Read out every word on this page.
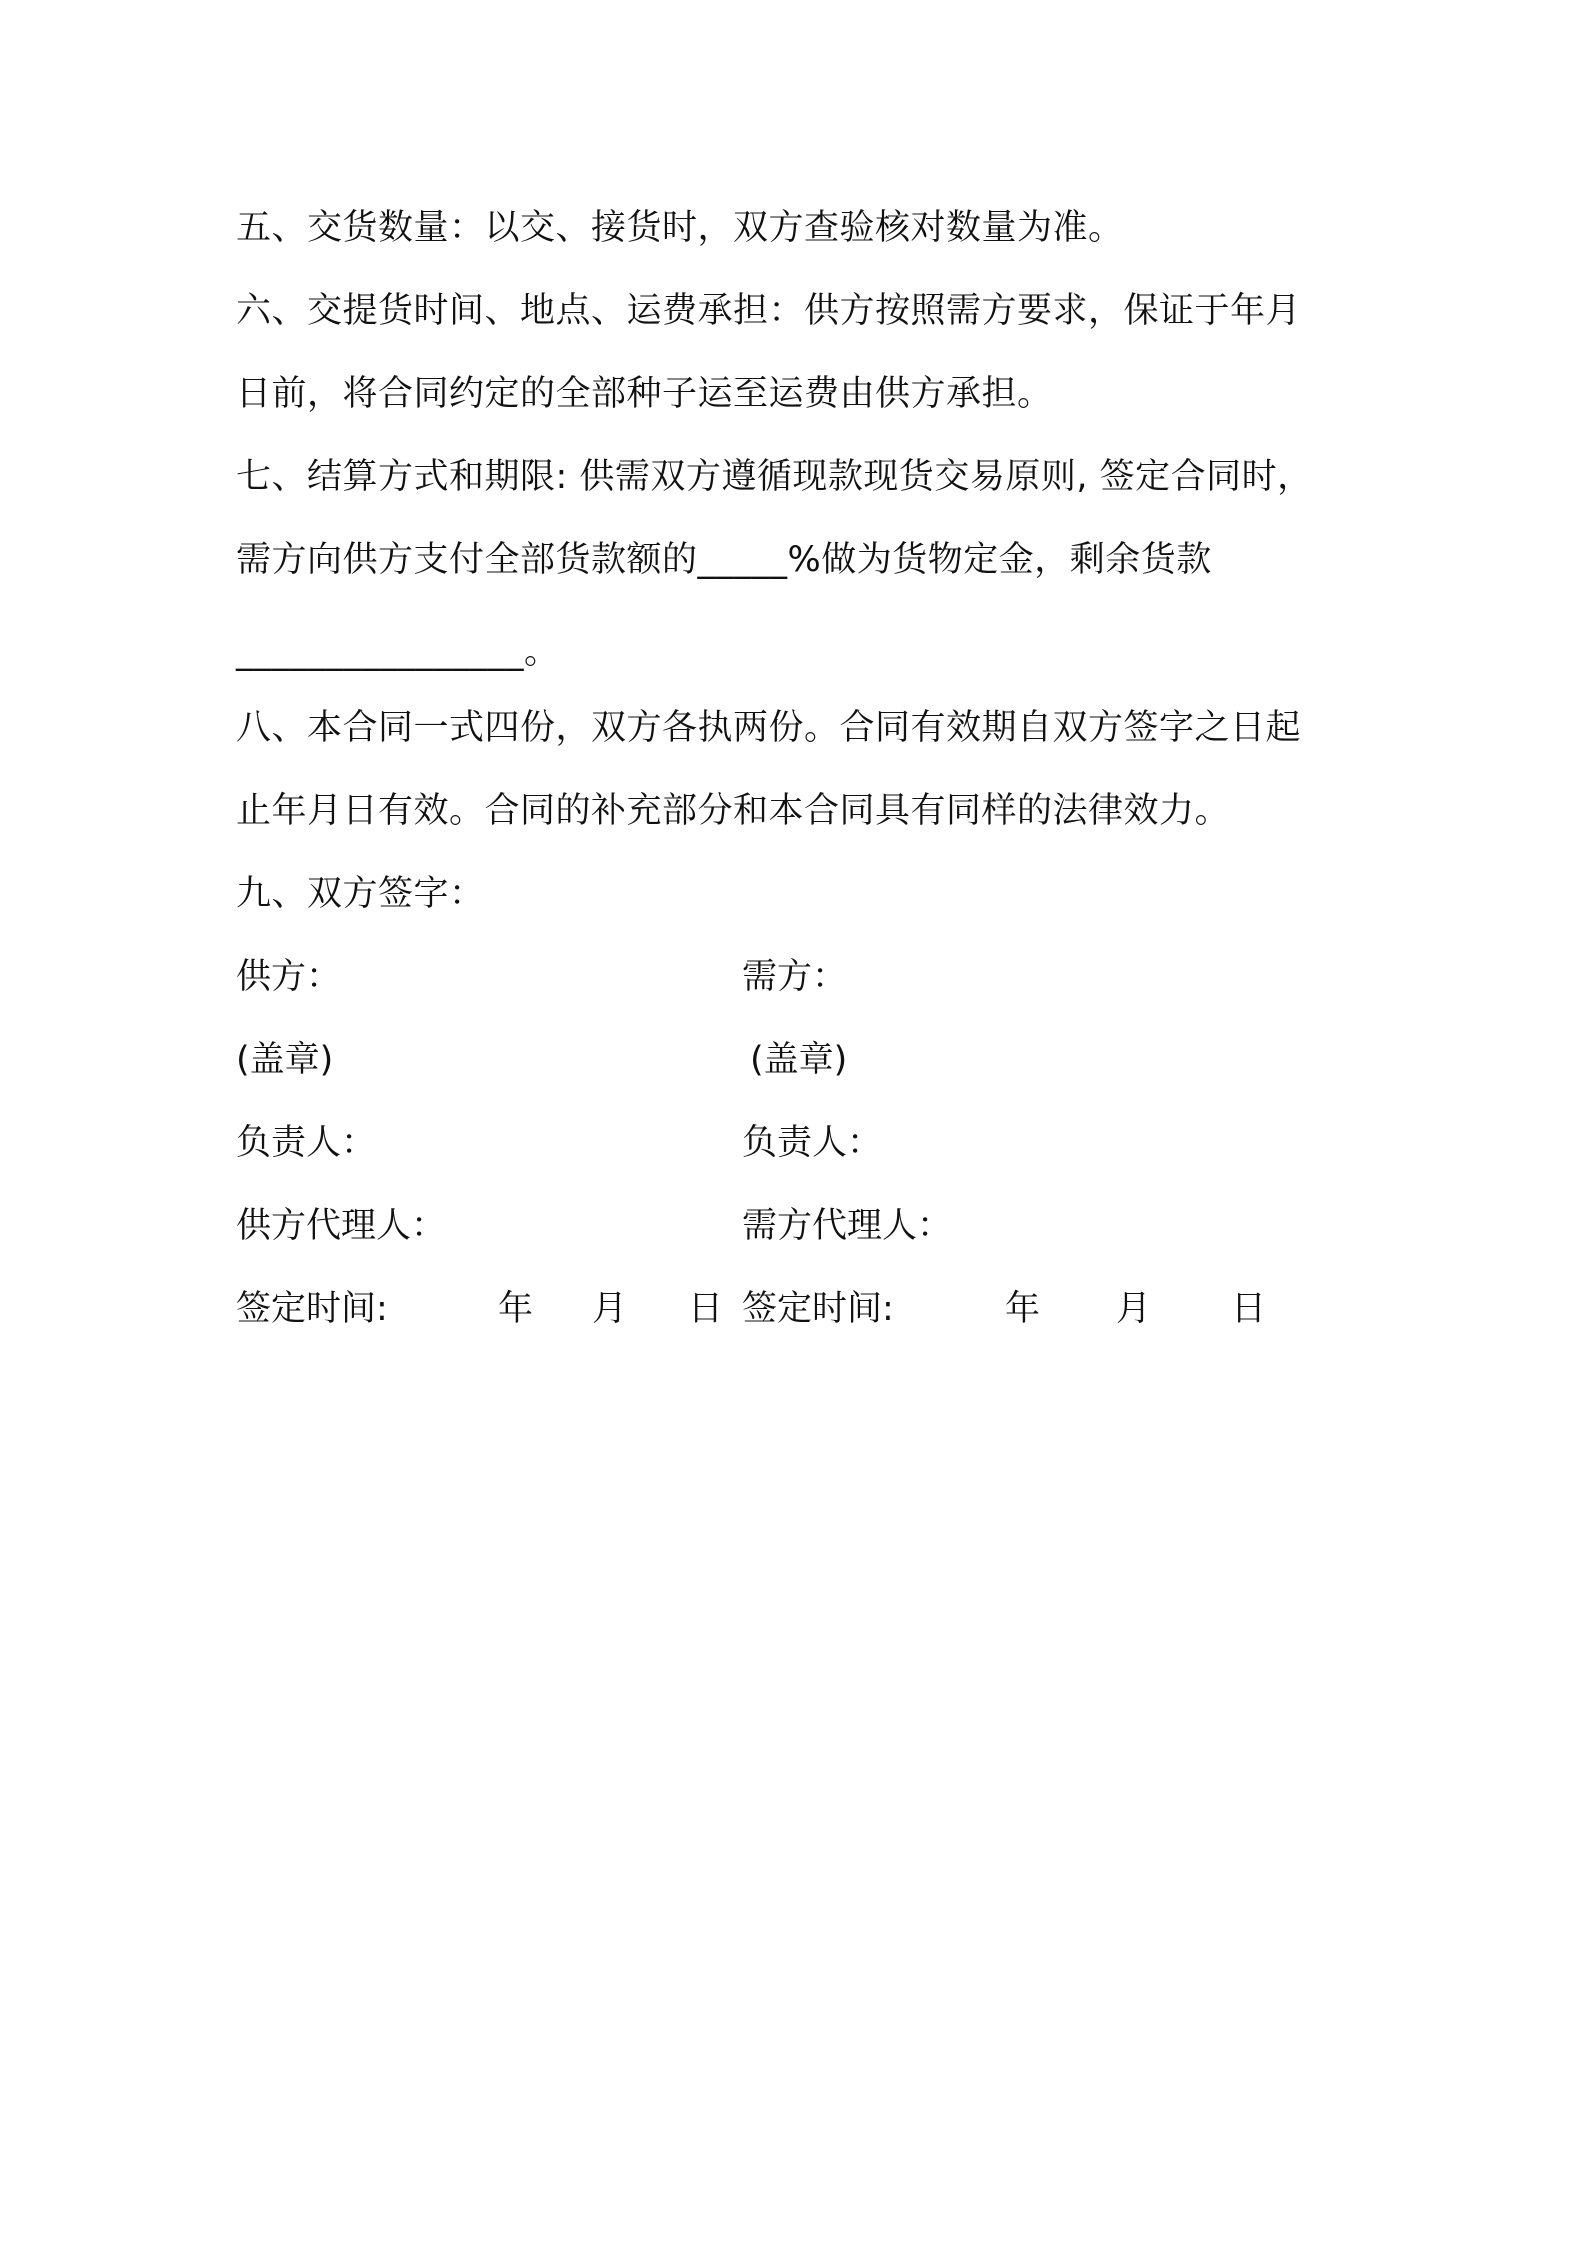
五、交货数量：以交、接货时，双方查验核对数量为准。
六、交提货时间、地点、运费承担：供方按照需方要求，保证于年月
日前，将合同约定的全部种子运至运费由供方承担。
七、结算方式和期限: 供需双方遵循现款现货交易原则, 签定合同时，
需方向供方支付全部货款额的_____%做为货物定金，剩余货款
________________。
八、本合同一式四份，双方各执两份。合同有效期自双方签字之日起
止年月日有效。合同的补充部分和本合同具有同样的法律效力。
九、双方签字：
供方：	需方：
(盖章)	(盖章)
负责人：	负责人：
供方代理人：	需方代理人：
签定时间:	年 月 日 签定时间:	年 月 日
